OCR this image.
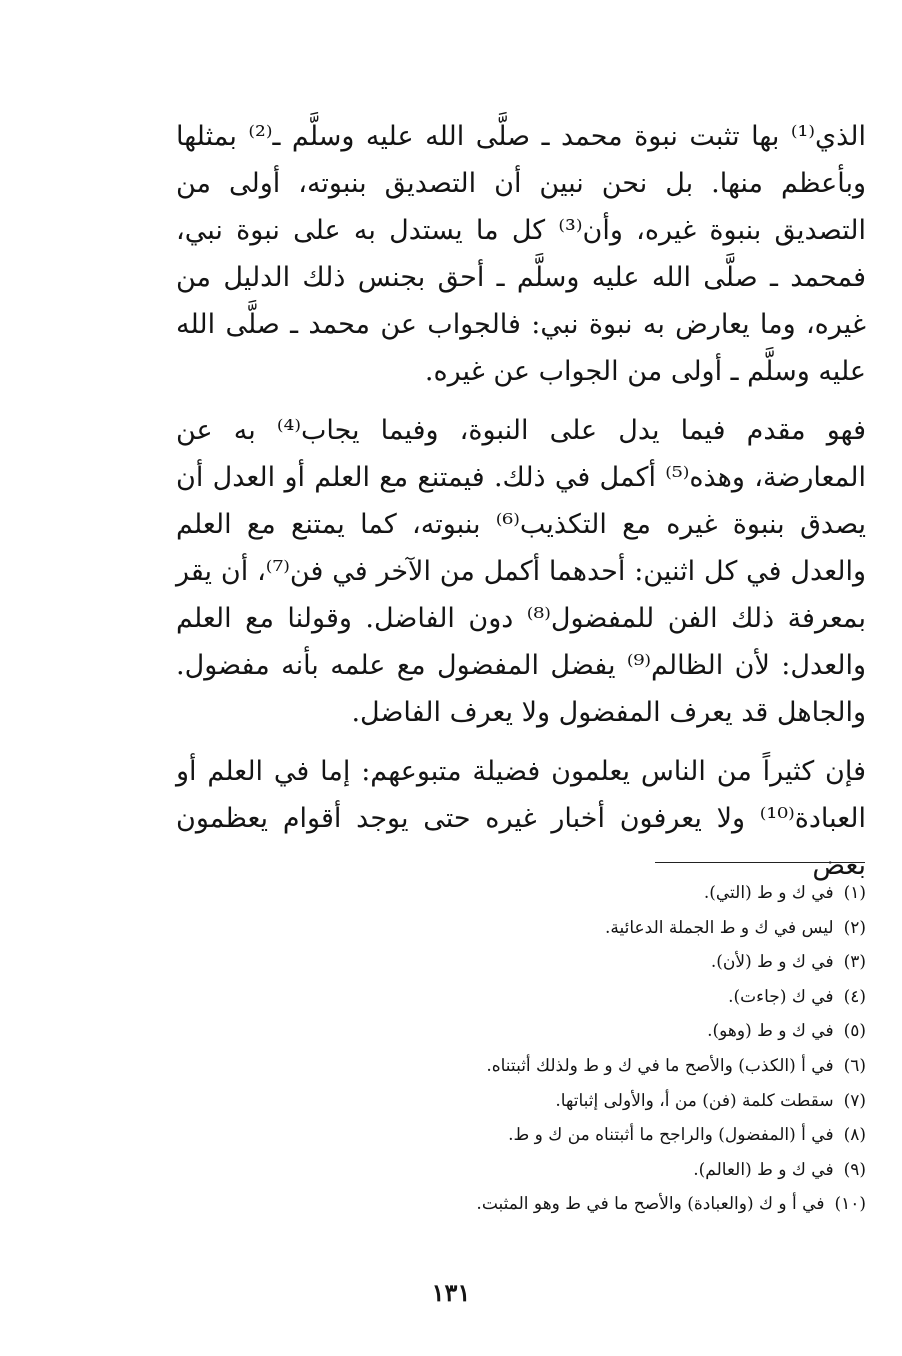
الذي⁽¹⁾ بها تثبت نبوة محمد ـ صلَّى الله عليه وسلَّم ـ⁽²⁾ بمثلها وبأعظم منها. بل نحن نبين أن التصديق بنبوته، أولى من التصديق بنبوة غيره، وأن⁽³⁾ كل ما يستدل به على نبوة نبي، فمحمد ـ صلَّى الله عليه وسلَّم ـ أحق بجنس ذلك الدليل من غيره، وما يعارض به نبوة نبي: فالجواب عن محمد ـ صلَّى الله عليه وسلَّم ـ أولى من الجواب عن غيره.

فهو مقدم فيما يدل على النبوة، وفيما يجاب⁽⁴⁾ به عن المعارضة، وهذه⁽⁵⁾ أكمل في ذلك. فيمتنع مع العلم أو العدل أن يصدق بنبوة غيره مع التكذيب⁽⁶⁾ بنبوته، كما يمتنع مع العلم والعدل في كل اثنين: أحدهما أكمل من الآخر في فن⁽⁷⁾، أن يقر بمعرفة ذلك الفن للمفضول⁽⁸⁾ دون الفاضل. وقولنا مع العلم والعدل: لأن الظالم⁽⁹⁾ يفضل المفضول مع علمه بأنه مفضول. والجاهل قد يعرف المفضول ولا يعرف الفاضل.

فإن كثيراً من الناس يعلمون فضيلة متبوعهم: إما في العلم أو العبادة⁽¹⁰⁾ ولا يعرفون أخبار غيره حتى يوجد أقوام يعظمون بعض

(١)في ك و ط (التي).
(٢)ليس في ك و ط الجملة الدعائية.
(٣)في ك و ط (لأن).
(٤)في ك (جاءت).
(٥)في ك و ط (وهو).
(٦)في أ (الكذب) والأصح ما في ك و ط ولذلك أثبتناه.
(٧)سقطت كلمة (فن) من أ، والأولى إثباتها.
(٨)في أ (المفضول) والراجح ما أثبتناه من ك و ط.
(٩)في ك و ط (العالم).
(١٠)في أ و ك (والعبادة) والأصح ما في ط وهو المثبت.
١٣١
